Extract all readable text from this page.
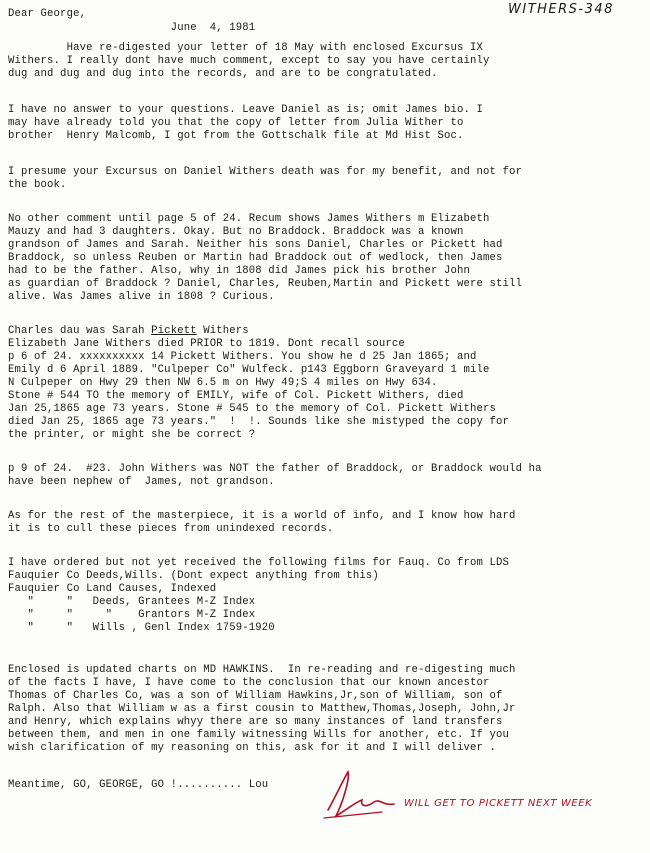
WITHERS-348

Dear George,

June  4, 1981

Have re-digested your letter of 18 May with enclosed Excursus IX

Withers. I really dont have much comment, except to say you have certainly

dug and dug and dug into the records, and are to be congratulated.

I have no answer to your questions. Leave Daniel as is; omit James bio. I

may have already told you that the copy of letter from Julia Wither to

brother  Henry Malcomb, I got from the Gottschalk file at Md Hist Soc.

I presume your Excursus on Daniel Withers death was for my benefit, and not for

the book.

No other comment until page 5 of 24. Recum shows James Withers m Elizabeth

Mauzy and had 3 daughters. Okay. But no Braddock. Braddock was a known

grandson of James and Sarah. Neither his sons Daniel, Charles or Pickett had

Braddock, so unless Reuben or Martin had Braddock out of wedlock, then James

had to be the father. Also, why in 1808 did James pick his brother John

as guardian of Braddock ? Daniel, Charles, Reuben,Martin and Pickett were still

alive. Was James alive in 1808 ? Curious.

Charles dau was Sarah Pickett Withers

Elizabeth Jane Withers died PRIOR to 1819. Dont recall source

p 6 of 24. xxxxxxxxxx 14 Pickett Withers. You show he d 25 Jan 1865; and

Emily d 6 April 1889. "Culpeper Co" Wulfeck. p143 Eggborn Graveyard 1 mile

N Culpeper on Hwy 29 then NW 6.5 m on Hwy 49;S 4 miles on Hwy 634.

Stone # 544 TO the memory of EMILY, wife of Col. Pickett Withers, died

Jan 25,1865 age 73 years. Stone # 545 to the memory of Col. Pickett Withers

died Jan 25, 1865 age 73 years."  !  !. Sounds like she mistyped the copy for

the printer, or might she be correct ?

p 9 of 24.  #23. John Withers was NOT the father of Braddock, or Braddock would ha

have been nephew of  James, not grandson.

As for the rest of the masterpiece, it is a world of info, and I know how hard

it is to cull these pieces from unindexed records.

I have ordered but not yet received the following films for Fauq. Co from LDS

Fauquier Co Deeds,Wills. (Dont expect anything from this)

Fauquier Co Land Causes, Indexed

"     "   Deeds, Grantees M-Z Index

"     "     "    Grantors M-Z Index

"     "   Wills , Genl Index 1759-1920

Enclosed is updated charts on MD HAWKINS.  In re-reading and re-digesting much

of the facts I have, I have come to the conclusion that our known ancestor

Thomas of Charles Co, was a son of William Hawkins,Jr,son of William, son of

Ralph. Also that William w as a first cousin to Matthew,Thomas,Joseph, John,Jr

and Henry, which explains whyy there are so many instances of land transfers

between them, and men in one family witnessing Wills for another, etc. If you

wish clarification of my reasoning on this, ask for it and I will deliver .

Meantime, GO, GEORGE, GO !.......... Lou

WILL GET TO PICKETT NEXT WEEK
